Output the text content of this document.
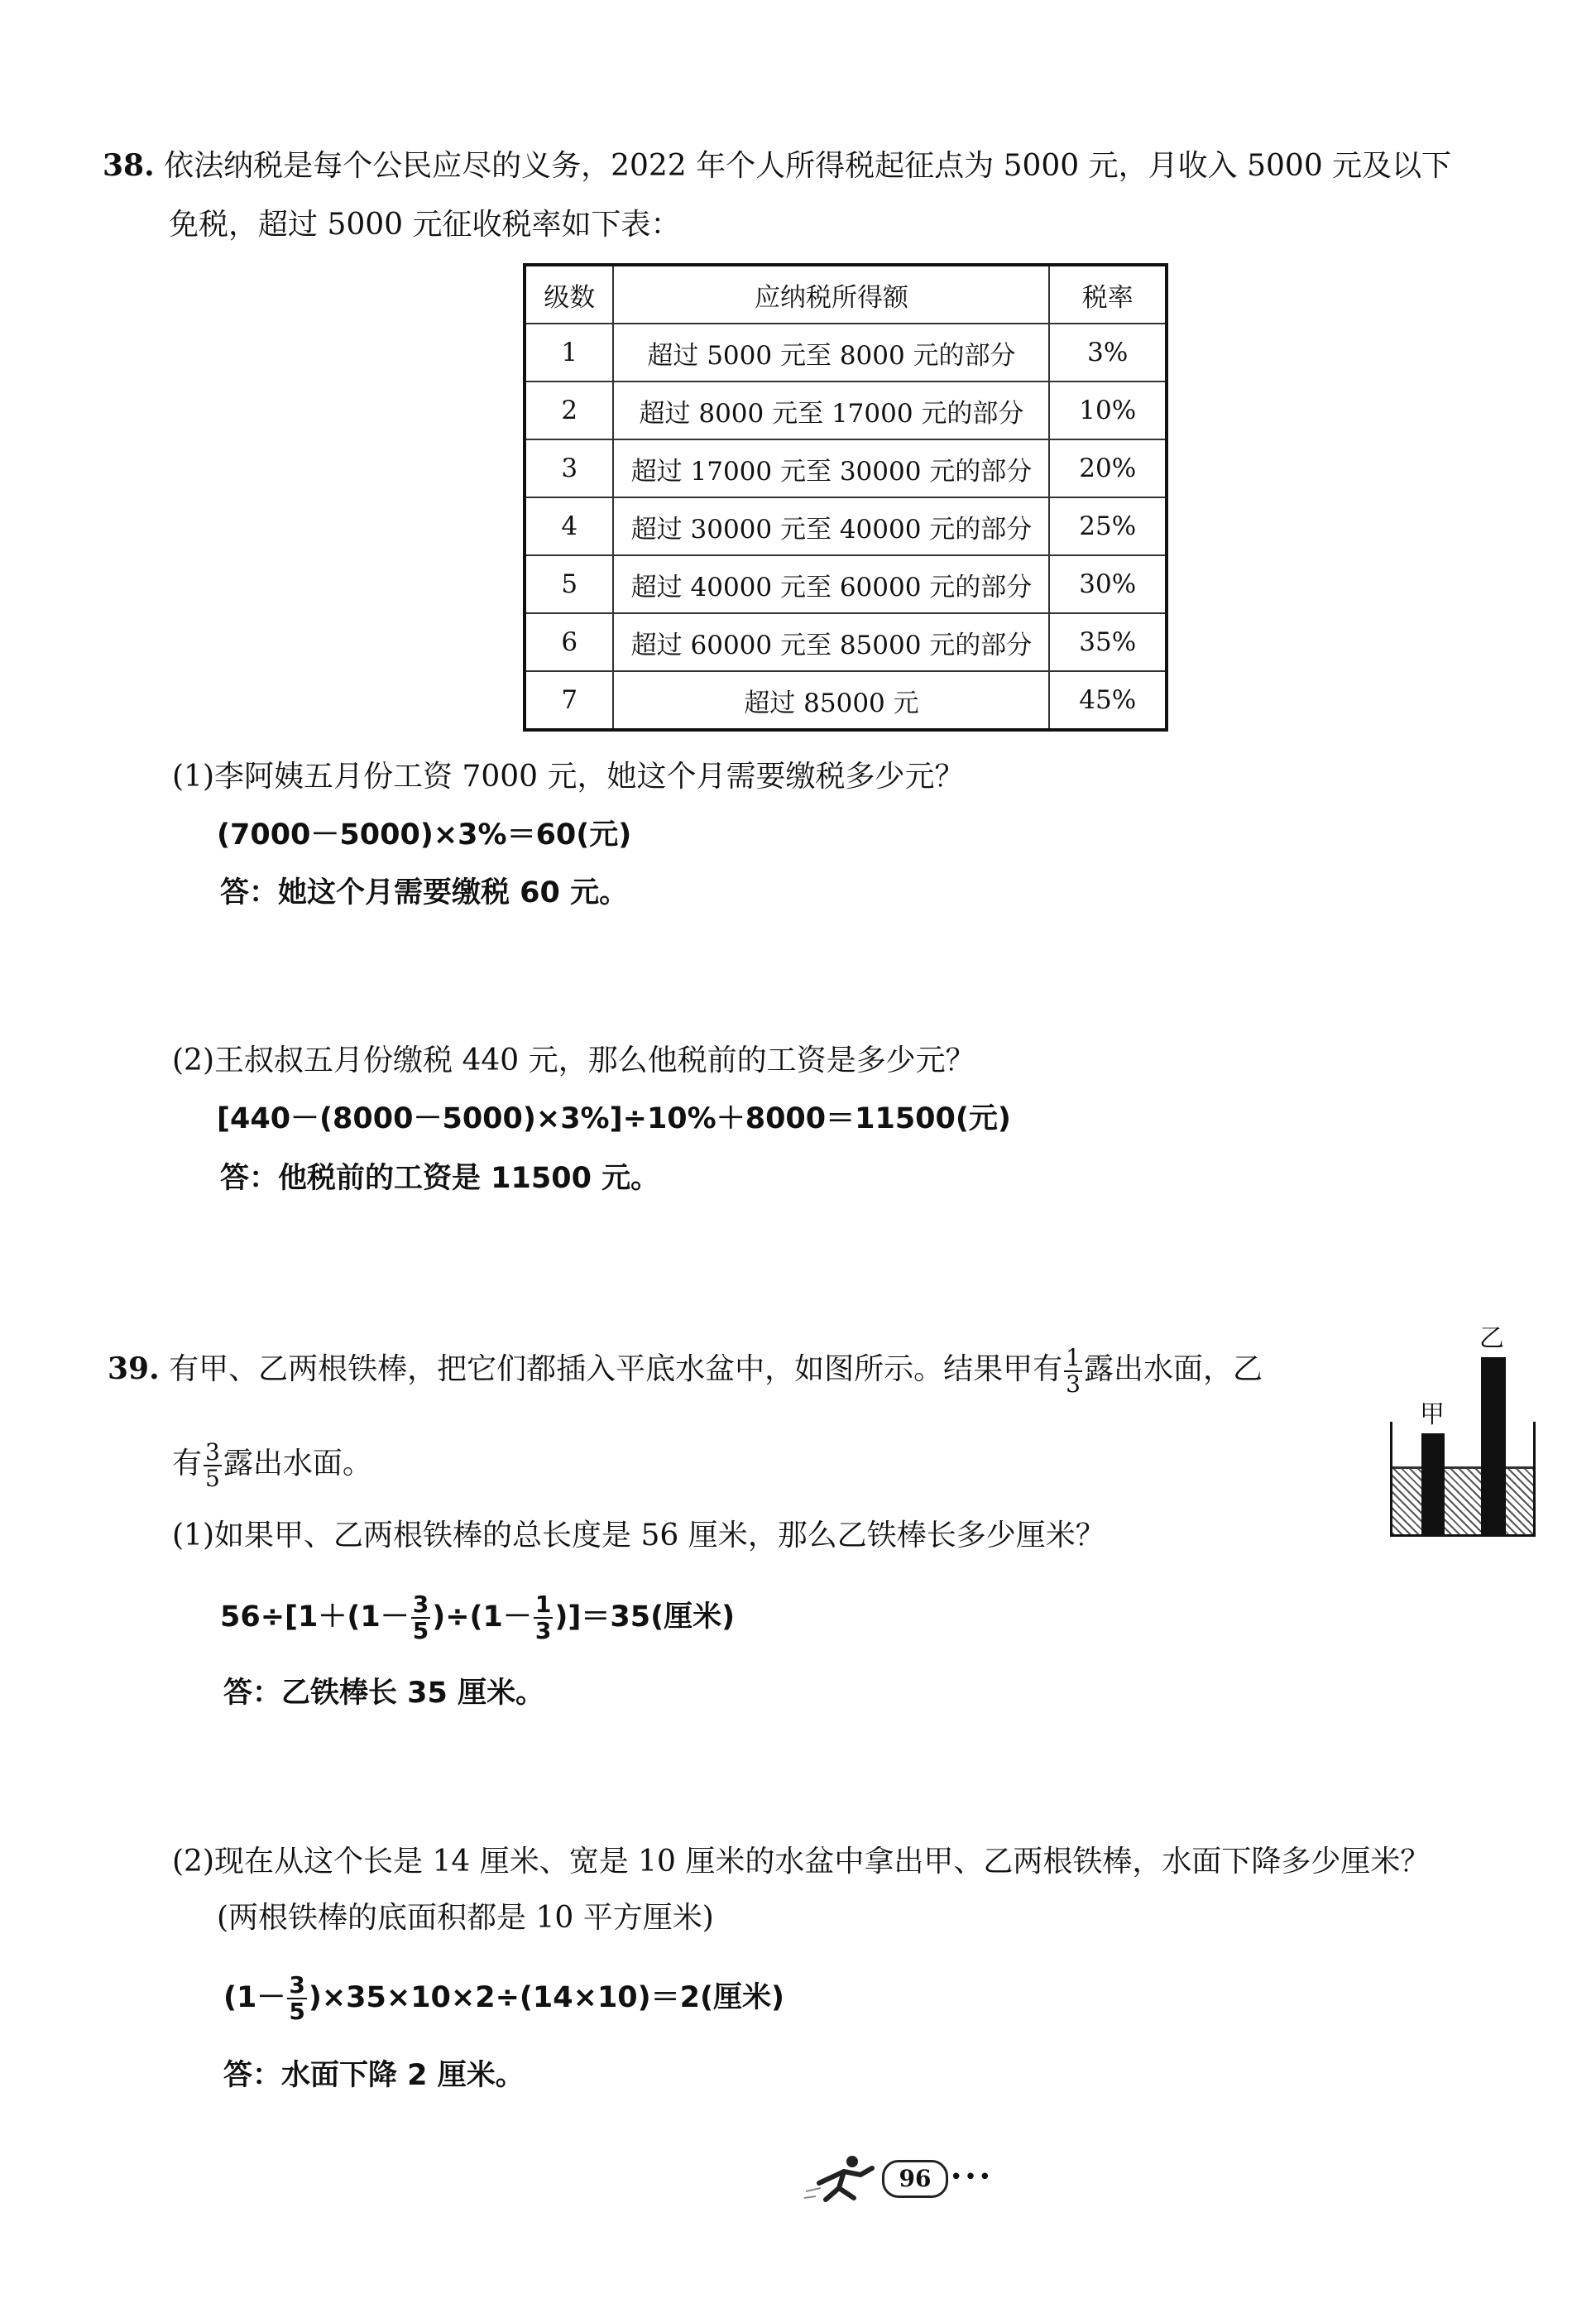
38. 依法纳税是每个公民应尽的义务，2022 年个人所得税起征点为 5000 元，月收入 5000 元及以下
免税，超过 5000 元征收税率如下表：
级数	应纳税所得额	税率
1	超过 5000 元至 8000 元的部分	3%
2	超过 8000 元至 17000 元的部分	10%
3	超过 17000 元至 30000 元的部分	20%
4	超过 30000 元至 40000 元的部分	25%
5	超过 40000 元至 60000 元的部分	30%
6	超过 60000 元至 85000 元的部分	35%
7	超过 85000 元	45%
(1)李阿姨五月份工资 7000 元，她这个月需要缴税多少元？
(7000－5000)×3%＝60(元)
答：她这个月需要缴税 60 元。
(2)王叔叔五月份缴税 440 元，那么他税前的工资是多少元？
[440－(8000－5000)×3%]÷10%＋8000＝11500(元)
答：他税前的工资是 11500 元。
39. 有甲、乙两根铁棒，把它们都插入平底水盆中，如图所示。结果甲有 $\frac{1}{3}$ 露出水面，乙
有 $\frac{3}{5}$ 露出水面。
甲
乙
(1)如果甲、乙两根铁棒的总长度是 56 厘米，那么乙铁棒长多少厘米？
$56\div[1+(1- \frac{3}{5} )\div(1- \frac{1}{3} )]=35$(厘米)
答：乙铁棒长 35 厘米。
(2)现在从这个长是 14 厘米、宽是 10 厘米的水盆中拿出甲、乙两根铁棒，水面下降多少厘米？
(两根铁棒的底面积都是 10 平方厘米)
$(1- \frac{3}{5} )\times 35\times 10\times 2\div(14\times 10)=2$(厘米)
答：水面下降 2 厘米。
96 •••
